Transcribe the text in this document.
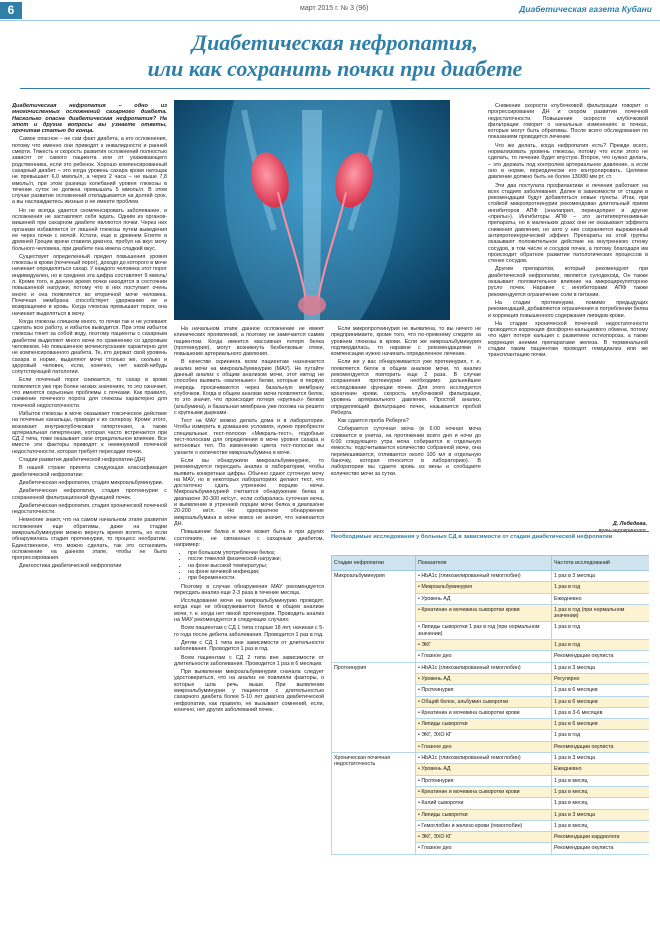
6	март 2015 г. № 3 (96)	Диабетическая газета Кубани
Диабетическая нефропатия,
или как сохранить почки при диабете

Диабетическая нефропатия – одно из многочисленных осложнений сахарного диабета. Насколько опасна диабетическая нефропатия? На этот и другие вопросы вы узнаете ответы, прочитав статью до конца.

Самое опасное – не сам факт диабета, а его осложнения, потому что именно они приводят к инвалидности и ранней смерти. Тяжесть и скорость развития осложнений полностью зависят от самого пациента или от ухаживающего родственника, если это ребенок. Хорошо компенсированный сахарный диабет – это когда уровень сахара крови натощак не превышает 6,0 ммоль/л, а через 2 часа – не выше 7,8 ммоль/л, при этом разница колебаний уровня глюкозы в течение суток не должна превышать 5 ммоль/л. В этом случае развитие осложнений откладывается на долгий срок, а вы наслаждаетесь жизнью и не имеете проблем.

Но не всегда удается скомпенсировать заболевание, и осложнения не заставляют себя ждать. Одним из органов-мишеней при сахарном диабете являются почки. Через них организм избавляется от лишней глюкозы путем выведения ее через почки с мочой. Кстати, еще в древнем Египте и древней Греции врачи ставили диагноз, пробуя на вкус мочу больного человека, при диабете она имела сладкий вкус.

Существует определенный предел повышения уровня глюкозы в крови (почечный порог), доходя до которого в моче начинает определяться сахар. У каждого человека этот порог индивидуален, но в среднем эта цифра составляет 9 ммоль/л. Кроме того, в данное время почки находятся в состоянии повышенной нагрузки, потому что в них поступает очень много и она появляется во вторичной моче человека. Почечная мембрана способствует удержанию ее и возвращению в кровь. Когда глюкоза превышает порог, она начинает выделяться в мочу.

Когда глюкозы слишком много, то почки так и не успевают сделать всю работу, и избыток выводится. При этом избыток глюкозы тянет за собой воду, поэтому пациенты с сахарным диабетом выделяют много мочи по сравнению со здоровым человеком. Но повышенное мочеиспускание характерно для не компенсированного диабета. Те, кто держат свой уровень сахара в норме, выделяют мочи столько же, сколько и здоровый человек, если, конечно, нет какой-нибудь сопутствующей патологии.

Если почечный порог снижается, то сахар в крови появляется уже при более низких значениях, то это означает, что имеются серьезные проблемы с почками. Как правило, снижение почечного порога для глюкозы характерно для почечной недостаточности.

Избыток глюкозы в моче оказывает токсическое действие на почечные канальцы, приводя к их склерозу. Кроме этого, возникает внутриклубочковая гипертензия, а также артериальная гипертензия, которая часто встречается при СД 2 типа, тоже оказывает свое отрицательное влияние. Все вместе эти факторы приводят к неминуемой почечной недостаточности, которая требует пересадки почки.

Стадии развития диабетической нефропатии (ДН)

В нашей стране принята следующая классификация диабетической нефропатии:

Диабетическая нефропатия, стадия микроальбуминурии.

Диабетическая нефропатия, стадия протеинурии с сохраненной фильтрационной функцией почек.

Диабетическая нефропатия, стадия хронической почечной недостаточности.

Немногие знают, что на самом начальном этапе развития осложнения еще обратимы, даже на стадии микроальбуминурии можно вернуть время вспять, но если обнаружилась стадия протеинурии, то процесс необратим. Единственное, что можно сделать, так это остановить осложнение на данном этапе, чтобы не было прогрессирования.

Диагностика диабетической нефропатии

На начальном этапе данное осложнение не имеет клинических проявлений, а поэтому не замечается самим пациентом. Когда имеется массивная потеря белка (протеинурия), могут возникнуть безбелковые отеки, повышение артериального давления.

В качестве скрининга всем пациентам назначается анализ мочи на микроальбуминурию (МАУ). Не путайте данный анализ с общим анализом мочи, этот метод не способен выявить «маленькие» белки, которые в первую очередь просачиваются через базальную мембрану клубочков. Когда в общем анализе мочи появляется белок, то это значит, что происходит потеря «крупных» белков (альбумина), и базальная мембрана уже похожа на решето с крупными дырками.

Тест на МАУ можно делать дома и в лаборатории. Чтобы измерить в домашних условиях, нужно приобрести специальные тест-полоски «Микраль-тест», подобные тест-полоскам для определения в моче уровня сахара и кетоновых тел. По изменению цвета тест-полоски вы узнаете о количестве микроальбумина в моче.

Если вы обнаружили микроальбуминурию, то рекомендуется пересдать анализ в лаборатории, чтобы выявить конкретные цифры. Обычно сдают суточную мочу на МАУ, но в некоторых лабораториях делают тест, что достаточно сдать утреннюю порцию мочи. Микроальбуминурией считается обнаружение белка в диапазоне 30-300 мг/сут., если собиралась суточная моча, и выявление в утренней порции мочи белка в диапазоне 20-200 мг/л. Но однократное обнаружение микроальбумина в моче вовсе не значит, что начинается ДН.

Повышение белка в моче может быть и при других состояниях, не связанных с сахарным диабетом, например:

• при большом употреблении белка;
• после тяжелой физической нагрузки;
• на фоне высокой температуры;
• на фоне мочевой инфекции;
• при беременности.

Поэтому в случае обнаружения МАУ рекомендуется пересдать анализ еще 2-3 раза в течение месяца.

Исследование мочи на микроальбуминурию проводят, когда еще не обнаруживается белок в общем анализе мочи, т. е. когда нет явной протеинурии. Проводить анализ на МАУ рекомендуется в следующих случаях:

Всем пациентам с СД 1 типа старше 18 лет, начиная с 5-го года после дебюта заболевания. Проводится 1 раз в год.

Детям с СД 1 типа вне зависимости от длительности заболевания. Проводится 1 раз в год.

Всем пациентам с СД 2 типа вне зависимости от длительности заболевания. Проводится 1 раз в 6 месяцев.

При выявлении микроальбуминурии сначала следует удостовериться, что на анализ не повлияли факторы, о которых шла речь выше. При выявлении микроальбуминурии у пациентов с длительностью сахарного диабета более 5-10 лет диагноз диабетической нефропатии, как правило, не вызывает сомнений, если, конечно, нет других заболеваний почек.

Если микропротеинурия не выявлена, то вы ничего не предпринимаете, кроме того, что по-прежнему следите за уровнем глюкозы в крови. Если же микроальбуминурия подтвердилась, то наравне с рекомендациями о компенсации нужно начинать определенное лечение.

Если же у вас обнаруживается уже протеинурия, т. е. появляется белок в общем анализе мочи, то анализ рекомендуется повторить еще 2 раза. В случае сохранения протеинурии необходимо дальнейшее исследование функции почек. Для этого исследуется креатинин крови, скорость клубочковой фильтрации, уровень артериального давления. Простой анализ, определяющий фильтрацию почек, называется пробой Реберга.

Как сдается проба Реберга?

Собирается суточная моча (в 6:00 ночная моча сливается в унитаз, на протяжении всего дня и ночи до 6:00 следующего утра моча собирается в отдельную емкость; подсчитывается количество собранной мочи, она перемешивается, отливается около 100 мл в отдельную баночку, которая относится в лабораторию). В лаборатории вы сдаете кровь из вены и сообщаете количество мочи за сутки.

Снижение скорости клубочковой фильтрации говорит о прогрессировании ДН и скором развитии почечной недостаточности. Повышение скорости клубочковой фильтрации говорит о начальных изменениях в почках, которые могут быть обратимы. После всего обследования по показаниям проводится лечение.

Что же делать, когда нефропатия есть? Прежде всего, нормализовать уровень глюкозы, потому что если этого не сделать, то лечение будет впустую. Второе, что нужно делать, – это держать под контролем артериальное давление, а если оно в норме, периодически его контролировать. Целевое давление должно быть не более 130/80 мм рт. ст.

Эти два постулата профилактики и лечения работают на всех стадиях заболевания. Далее в зависимости от стадии в рекомендации будут добавляться новые пункты. Итак, при стойкой микропротеинурии рекомендован длительный прием ингибиторов АПФ (эналаприл, периндоприл и другие «прилы»). Ингибиторы АПФ – это антигипертензивные препараты, но в маленьких дозах они не оказывают эффекта снижения давления, но зато у них сохраняется выраженный антипротеинурический эффект. Препараты из этой группы оказывают положительное действие на внутреннюю стенку сосудов, в том числе и сосудов почек, а потому благодаря им происходит обратное развитие патологических процессов в стенке сосудов.

Другим препаратом, который рекомендуют при диабетической нефропатии, является сулодексид. Он также оказывает положительное влияние на микроциркуляторное русло почек. Наравне с ингибиторами АПФ также рекомендуется ограничение соли в питании.

На стадии протеинурии, помимо предыдущих рекомендаций, добавляются ограничения в потреблении белка и коррекция повышенного содержания липидов крови.

На стадии хронической почечной недостаточности проводится коррекция фосфорно-кальциевого обмена, потому что идет потеря кальция с развитием остеопороза, а также коррекция анемии препаратами железа. В терминальной стадии таким пациентам проводят гемодиализ или же трансплантацию почки.

Д. Лебедева,
врач-эндокринолог.
Необходимые исследования у больных СД в зависимости от стадии диабетической нефропатии
Стадии нефропатии	Показатели	Частота исследований
Микроальбуминурия	• HbA1c (гликозилированный гемоглобин)	1 раз в 3 месяца
	• Микроальбуминурия	1 раз в год
	• Уровень АД	Ежедневно
	• Креатинин и мочевина сыворотки крови	1 раз в год (при нормальном значении)
	• Липиды сыворотки 1 раз в год (при нормальном значении)	1 раз в год
	• ЭКГ	1 раз в год
	• Глазное дно	Рекомендации окулиста
Протеинурия	• HbA1c (гликозилированный гемоглобин)	1 раз в 3 месяца
	• Уровень АД	Регулярно
	• Протеинурия	1 раз в 6 месяцев
	• Общий белок, альбумин сыворотки	1 раз в 6 месяцев
	• Креатинин и мочевина сыворотки крови	1 раз в 3-6 месяцев
	• Липиды сыворотки	1 раз в 6 месяцев
	• ЭКГ, ЭХО КГ	1 раз в год
	• Глазное дно	Рекомендации окулиста
Хроническая почечная недостаточность	• HbA1c (гликозилированный гемоглобин)	1 раз в 3 месяца
	• Уровень АД	Ежедневно
	• Протеинурия	1 раз в месяц
	• Креатинин и мочевина сыворотки крови	1 раз в месяц
	• Калий сыворотки	1 раз в месяц
	• Липиды сыворотки	1 раз в 3 месяца
	• Гемоглобин и железо крови (гемоглобин)	1 раз в месяц
	• ЭКГ, ЭХО КГ	Рекомендации кардиолога
	• Глазное дно	Рекомендации окулиста
